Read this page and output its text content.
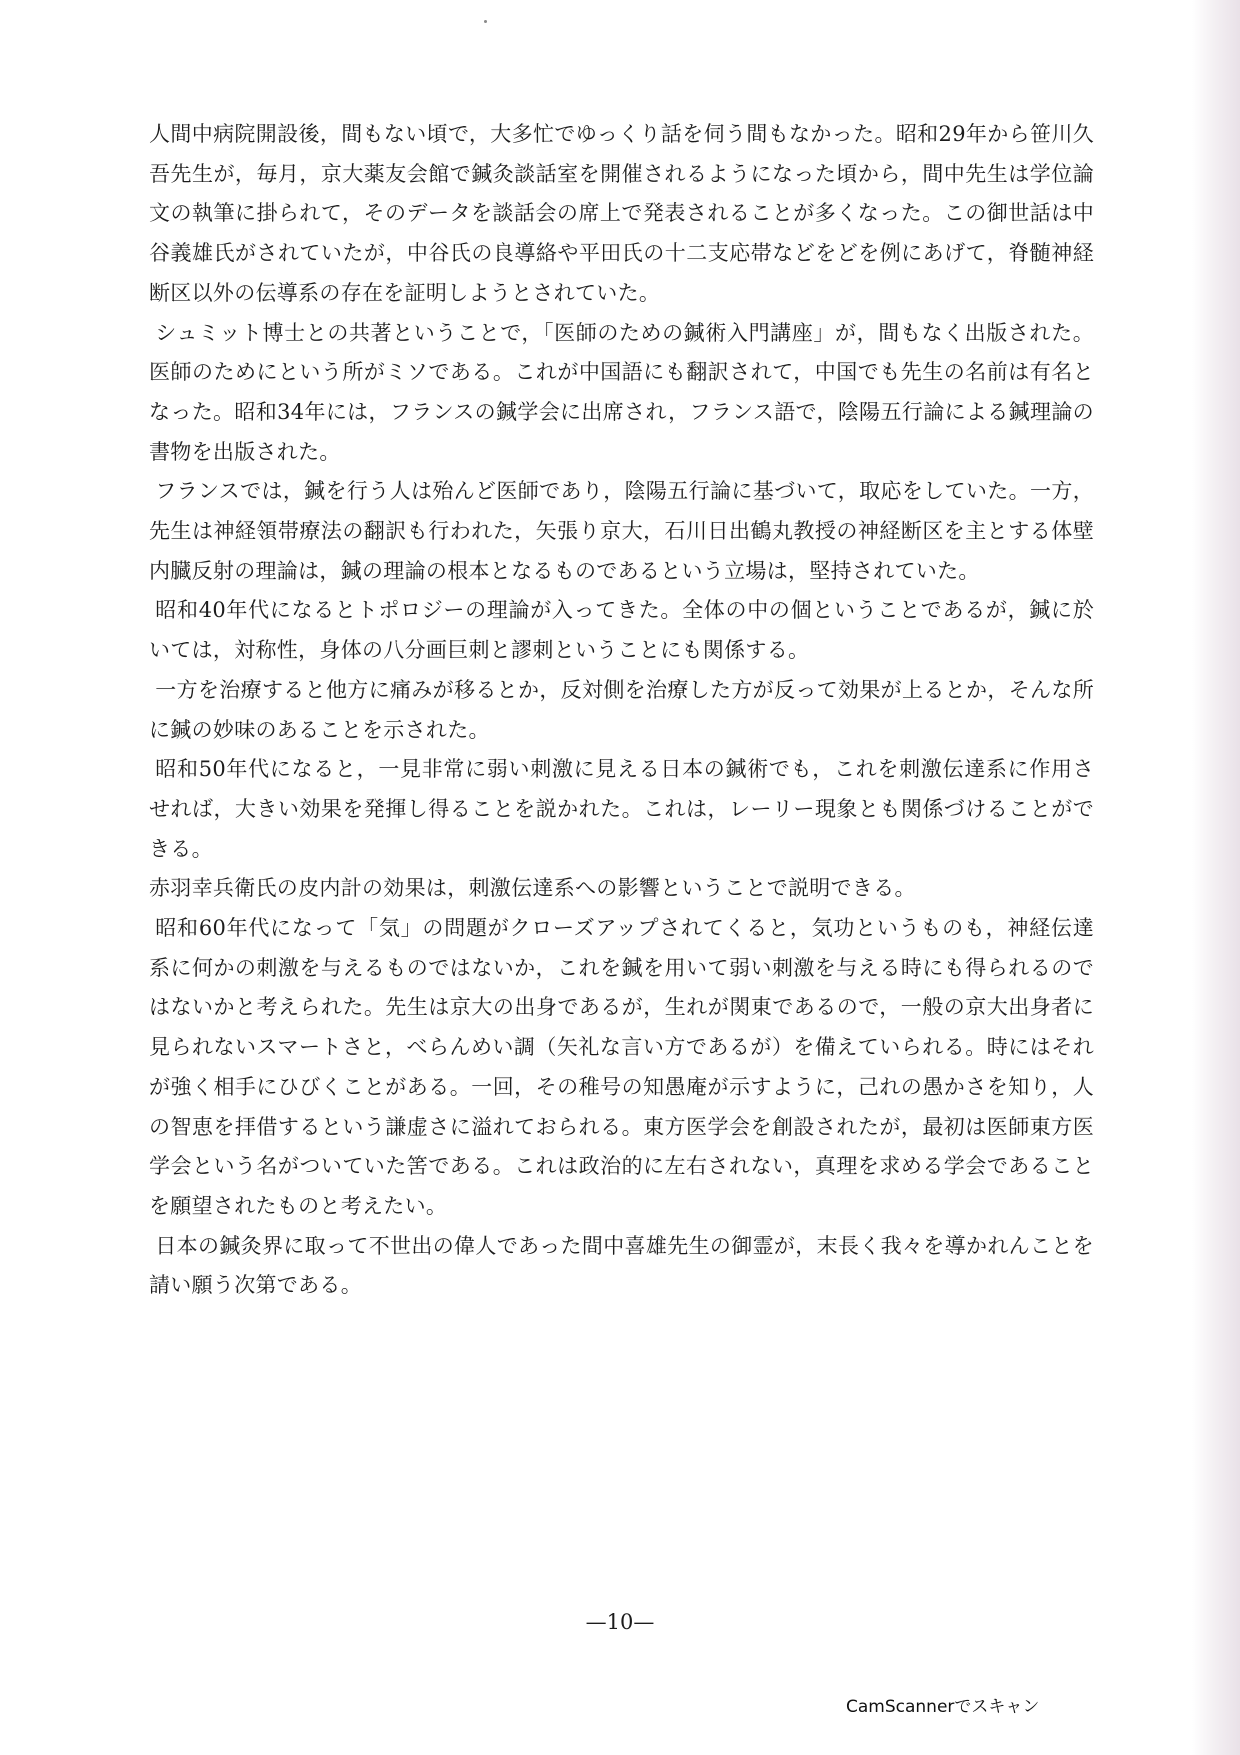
人間中病院開設後，間もない頃で，大多忙でゆっくり話を伺う間もなかった。昭和29年から笹川久吾先生が，毎月，京大薬友会館で鍼灸談話室を開催されるようになった頃から，間中先生は学位論文の執筆に掛られて，そのデータを談話会の席上で発表されることが多くなった。この御世話は中谷義雄氏がされていたが，中谷氏の良導絡や平田氏の十二支応帯などをどを例にあげて，脊髄神経断区以外の伝導系の存在を証明しようとされていた。

シュミット博士との共著ということで，「医師のための鍼術入門講座」が，間もなく出版された。医師のためにという所がミソである。これが中国語にも翻訳されて，中国でも先生の名前は有名となった。昭和34年には，フランスの鍼学会に出席され，フランス語で，陰陽五行論による鍼理論の書物を出版された。

フランスでは，鍼を行う人は殆んど医師であり，陰陽五行論に基づいて，取応をしていた。一方，先生は神経領帯療法の翻訳も行われた，矢張り京大，石川日出鶴丸教授の神経断区を主とする体壁内臓反射の理論は，鍼の理論の根本となるものであるという立場は，堅持されていた。

昭和40年代になるとトポロジーの理論が入ってきた。全体の中の個ということであるが，鍼に於いては，対称性，身体の八分画巨刺と謬刺ということにも関係する。

一方を治療すると他方に痛みが移るとか，反対側を治療した方が反って効果が上るとか，そんな所に鍼の妙味のあることを示された。

昭和50年代になると，一見非常に弱い刺激に見える日本の鍼術でも，これを刺激伝達系に作用させれば，大きい効果を発揮し得ることを説かれた。これは，レーリー現象とも関係づけることができる。

赤羽幸兵衛氏の皮内計の効果は，刺激伝達系への影響ということで説明できる。

昭和60年代になって「気」の問題がクローズアップされてくると，気功というものも，神経伝達系に何かの刺激を与えるものではないか，これを鍼を用いて弱い刺激を与える時にも得られるのではないかと考えられた。先生は京大の出身であるが，生れが関東であるので，一般の京大出身者に見られないスマートさと，べらんめい調（矢礼な言い方であるが）を備えていられる。時にはそれが強く相手にひびくことがある。一回，その稚号の知愚庵が示すように，己れの愚かさを知り，人の智恵を拝借するという謙虚さに溢れておられる。東方医学会を創設されたが，最初は医師東方医学会という名がついていた筈である。これは政治的に左右されない，真理を求める学会であることを願望されたものと考えたい。

日本の鍼灸界に取って不世出の偉人であった間中喜雄先生の御霊が，末長く我々を導かれんことを請い願う次第である。

—10—
CamScannerでスキャン
